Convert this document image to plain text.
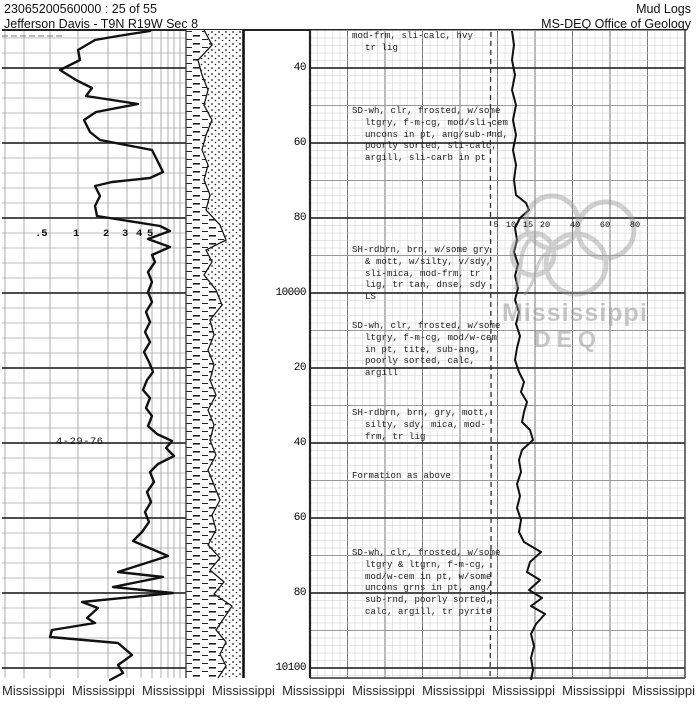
23065200560000 : 25 of 55
Jefferson Davis - T9N R19W Sec 8
Mud Logs
MS-DEQ Office of Geology
Mississippi
DEQ
40
60
80
10000
20
40
60
80
10100
.5 1 2 3 4 5
5 10 15 20	40	60	80
4-29-76
mod-frm, sli-calc, hvy
tr lig
SD-wh, clr, frosted, w/some
ltgry, f-m-cg, mod/sli-cem
uncons in pt, ang/sub-rnd,
poorly sorted, sli-calc,
argill, sli-carb in pt
SH-rdbrn, brn, w/some gry
& mott, w/silty, v/sdy,
sli-mica, mod-frm, tr
lig, tr tan, dnse, sdy
LS
SD-wh, clr, frosted, w/some
ltgry, f-m-cg, mod/w-cem
in pt, tite, sub-ang,
poorly sorted, calc,
argill
SH-rdbrn, brn, gry, mott,
silty, sdy, mica, mod-
frm, tr lig
Formation as above
SD-wh, clr, frosted, w/some
ltgry & ltgrn, f-m-cg,
mod/w-cem in pt, w/some
uncons grns in pt, ang/
sub-rnd, poorly sorted,
calc, argill, tr pyrite
Mississippi Mississippi Mississippi Mississippi Mississippi Mississippi Mississippi Mississippi Mississippi Mississippi
